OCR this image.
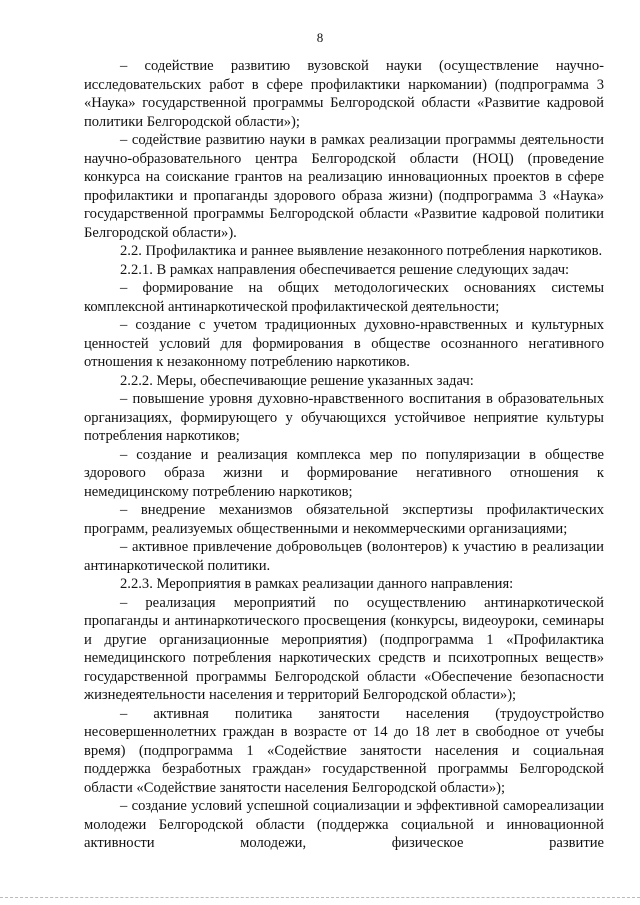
8

– содействие развитию вузовской науки (осуществление научно-исследовательских работ в сфере профилактики наркомании) (подпрограмма 3 «Наука» государственной программы Белгородской области «Развитие кадровой политики Белгородской области»);

– содействие развитию науки в рамках реализации программы деятельности научно-образовательного центра Белгородской области (НОЦ) (проведение конкурса на соискание грантов на реализацию инновационных проектов в сфере профилактики и пропаганды здорового образа жизни) (подпрограмма 3 «Наука» государственной программы Белгородской области «Развитие кадровой политики Белгородской области»).

2.2. Профилактика и раннее выявление незаконного потребления наркотиков.

2.2.1. В рамках направления обеспечивается решение следующих задач:

– формирование на общих методологических основаниях системы комплексной антинаркотической профилактической деятельности;

– создание с учетом традиционных духовно-нравственных и культурных ценностей условий для формирования в обществе осознанного негативного отношения к незаконному потреблению наркотиков.

2.2.2. Меры, обеспечивающие решение указанных задач:

– повышение уровня духовно-нравственного воспитания в образовательных организациях, формирующего у обучающихся устойчивое неприятие культуры потребления наркотиков;

– создание и реализация комплекса мер по популяризации в обществе здорового образа жизни и формирование негативного отношения к немедицинскому потреблению наркотиков;

– внедрение механизмов обязательной экспертизы профилактических программ, реализуемых общественными и некоммерческими организациями;

– активное привлечение добровольцев (волонтеров) к участию в реализации антинаркотической политики.

2.2.3. Мероприятия в рамках реализации данного направления:

– реализация мероприятий по осуществлению антинаркотической пропаганды и антинаркотического просвещения (конкурсы, видеоуроки, семинары и другие организационные мероприятия) (подпрограмма 1 «Профилактика немедицинского потребления наркотических средств и психотропных веществ» государственной программы Белгородской области «Обеспечение безопасности жизнедеятельности населения и территорий Белгородской области»);

– активная политика занятости населения (трудоустройство несовершеннолетних граждан в возрасте от 14 до 18 лет в свободное от учебы время) (подпрограмма 1 «Содействие занятости населения и социальная поддержка безработных граждан» государственной программы Белгородской области «Содействие занятости населения Белгородской области»);

– создание условий успешной социализации и эффективной самореализации молодежи Белгородской области (поддержка социальной и инновационной активности молодежи, физическое развитие
